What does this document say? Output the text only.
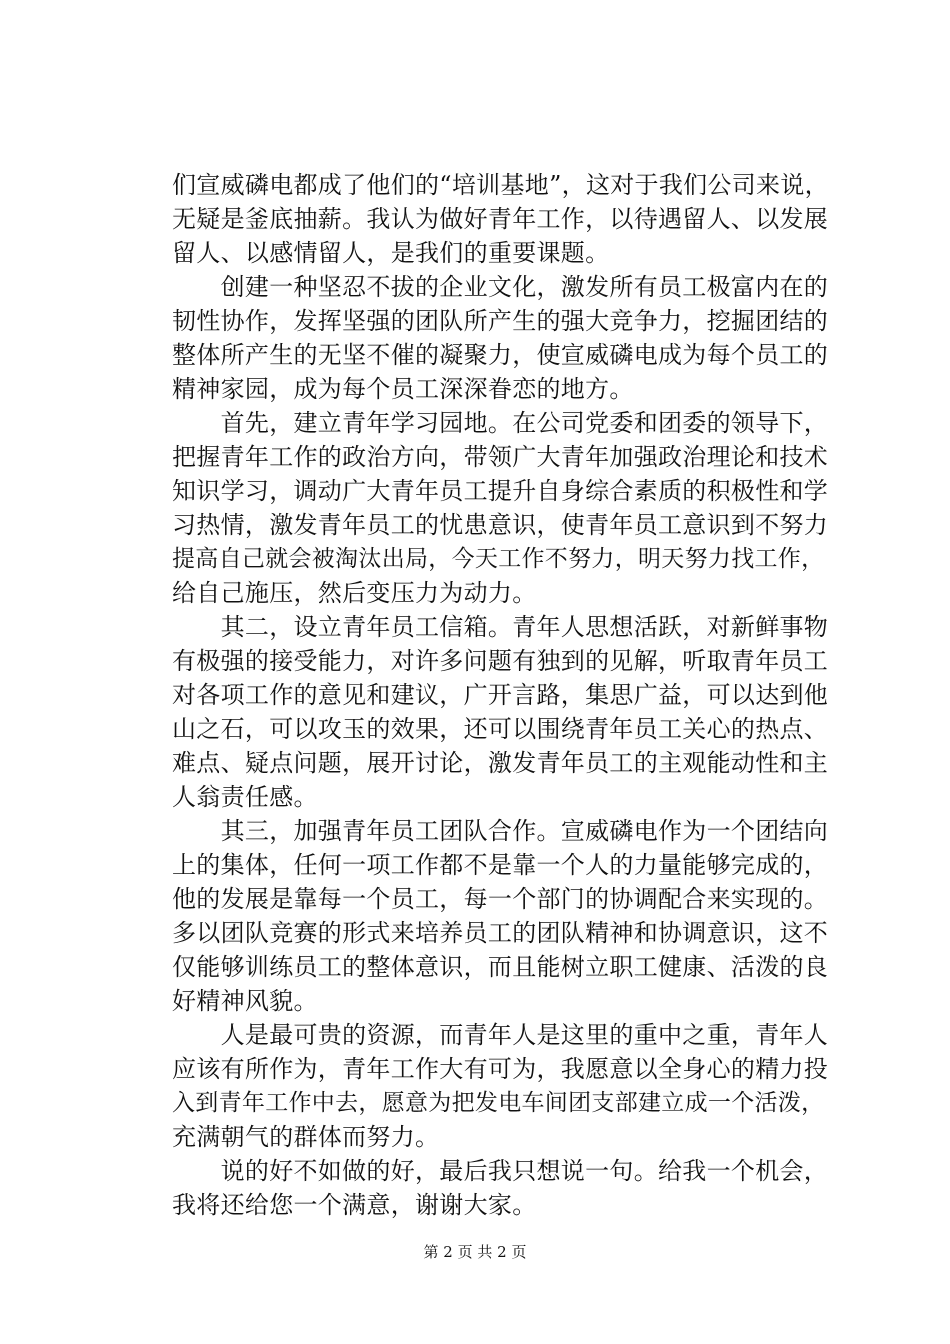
们宣威磷电都成了他们的“培训基地”，这对于我们公司来说，
无疑是釜底抽薪。我认为做好青年工作，以待遇留人、以发展
留人、以感情留人，是我们的重要课题。
　　创建一种坚忍不拔的企业文化，激发所有员工极富内在的
韧性协作，发挥坚强的团队所产生的强大竞争力，挖掘团结的
整体所产生的无坚不催的凝聚力，使宣威磷电成为每个员工的
精神家园，成为每个员工深深眷恋的地方。
　　首先，建立青年学习园地。在公司党委和团委的领导下，
把握青年工作的政治方向，带领广大青年加强政治理论和技术
知识学习，调动广大青年员工提升自身综合素质的积极性和学
习热情，激发青年员工的忧患意识，使青年员工意识到不努力
提高自己就会被淘汰出局，今天工作不努力，明天努力找工作，
给自己施压，然后变压力为动力。
　　其二，设立青年员工信箱。青年人思想活跃，对新鲜事物
有极强的接受能力，对许多问题有独到的见解，听取青年员工
对各项工作的意见和建议，广开言路，集思广益，可以达到他
山之石，可以攻玉的效果，还可以围绕青年员工关心的热点、
难点、疑点问题，展开讨论，激发青年员工的主观能动性和主
人翁责任感。
　　其三，加强青年员工团队合作。宣威磷电作为一个团结向
上的集体，任何一项工作都不是靠一个人的力量能够完成的，
他的发展是靠每一个员工，每一个部门的协调配合来实现的。
多以团队竞赛的形式来培养员工的团队精神和协调意识，这不
仅能够训练员工的整体意识，而且能树立职工健康、活泼的良
好精神风貌。
　　人是最可贵的资源，而青年人是这里的重中之重，青年人
应该有所作为，青年工作大有可为，我愿意以全身心的精力投
入到青年工作中去，愿意为把发电车间团支部建立成一个活泼，
充满朝气的群体而努力。
　　说的好不如做的好，最后我只想说一句。给我一个机会，
我将还给您一个满意，谢谢大家。
第 2 页 共 2 页
